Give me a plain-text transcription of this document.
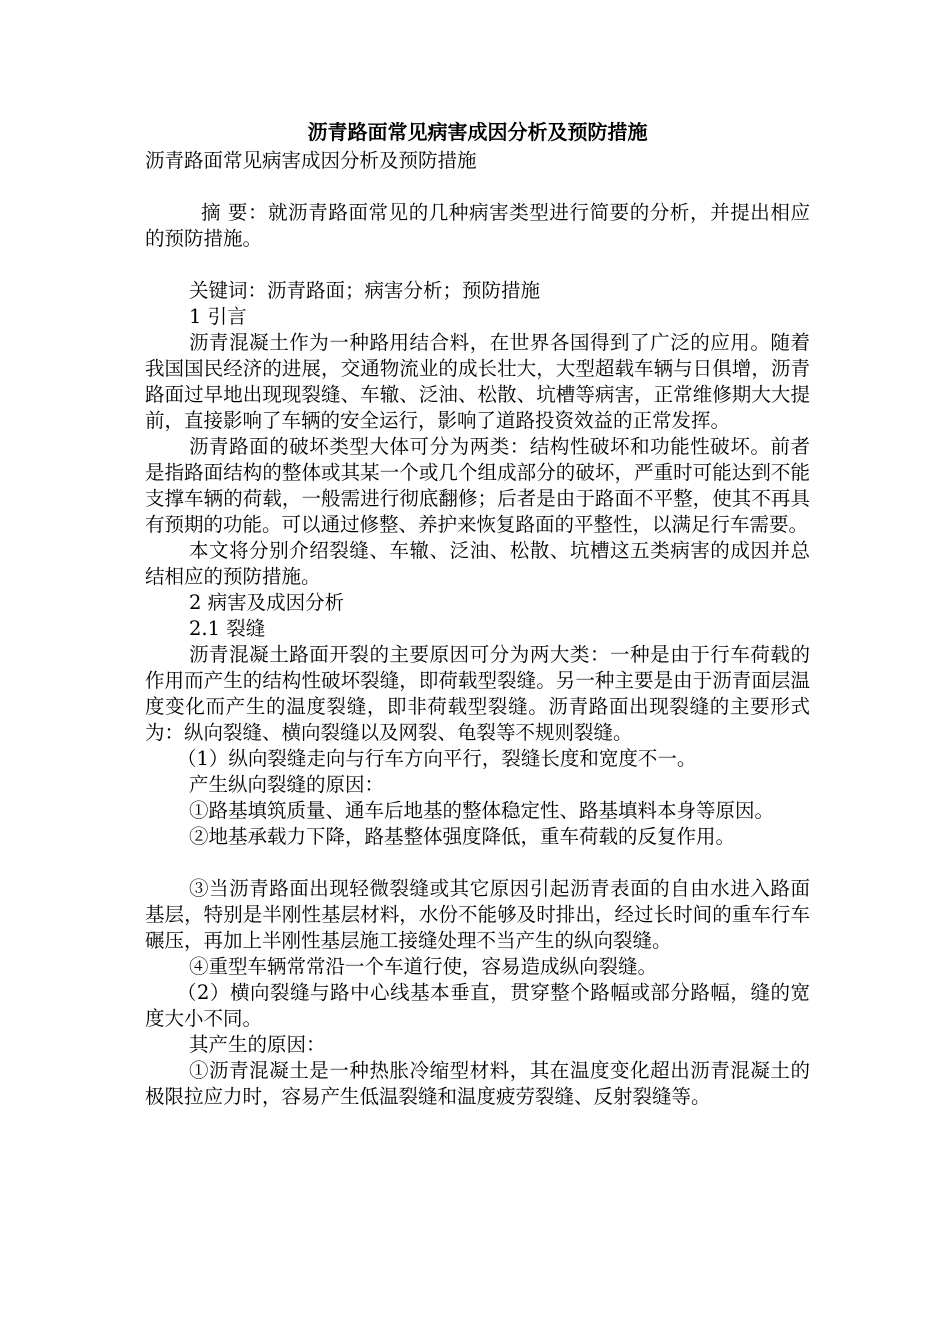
沥青路面常见病害成因分析及预防措施

沥青路面常见病害成因分析及预防措施

摘 要：就沥青路面常见的几种病害类型进行简要的分析，并提出相应的预防措施。

关键词：沥青路面；病害分析；预防措施

1 引言

沥青混凝土作为一种路用结合料，在世界各国得到了广泛的应用。随着我国国民经济的进展，交通物流业的成长壮大，大型超载车辆与日俱增，沥青路面过早地出现现裂缝、车辙、泛油、松散、坑槽等病害，正常维修期大大提前，直接影响了车辆的安全运行，影响了道路投资效益的正常发挥。

沥青路面的破坏类型大体可分为两类：结构性破坏和功能性破坏。前者是指路面结构的整体或其某一个或几个组成部分的破坏，严重时可能达到不能支撑车辆的荷载，一般需进行彻底翻修；后者是由于路面不平整，使其不再具有预期的功能。可以通过修整、养护来恢复路面的平整性，以满足行车需要。

本文将分别介绍裂缝、车辙、泛油、松散、坑槽这五类病害的成因并总结相应的预防措施。

2 病害及成因分析

2.1 裂缝

沥青混凝土路面开裂的主要原因可分为两大类：一种是由于行车荷载的作用而产生的结构性破坏裂缝，即荷载型裂缝。另一种主要是由于沥青面层温度变化而产生的温度裂缝，即非荷载型裂缝。沥青路面出现裂缝的主要形式为：纵向裂缝、横向裂缝以及网裂、龟裂等不规则裂缝。

（1）纵向裂缝走向与行车方向平行，裂缝长度和宽度不一。

产生纵向裂缝的原因：

①路基填筑质量、通车后地基的整体稳定性、路基填料本身等原因。

②地基承载力下降，路基整体强度降低，重车荷载的反复作用。

③当沥青路面出现轻微裂缝或其它原因引起沥青表面的自由水进入路面基层，特别是半刚性基层材料，水份不能够及时排出，经过长时间的重车行车碾压，再加上半刚性基层施工接缝处理不当产生的纵向裂缝。

④重型车辆常常沿一个车道行使，容易造成纵向裂缝。

（2）横向裂缝与路中心线基本垂直，贯穿整个路幅或部分路幅，缝的宽度大小不同。

其产生的原因：

①沥青混凝土是一种热胀冷缩型材料，其在温度变化超出沥青混凝土的极限拉应力时，容易产生低温裂缝和温度疲劳裂缝、反射裂缝等。
